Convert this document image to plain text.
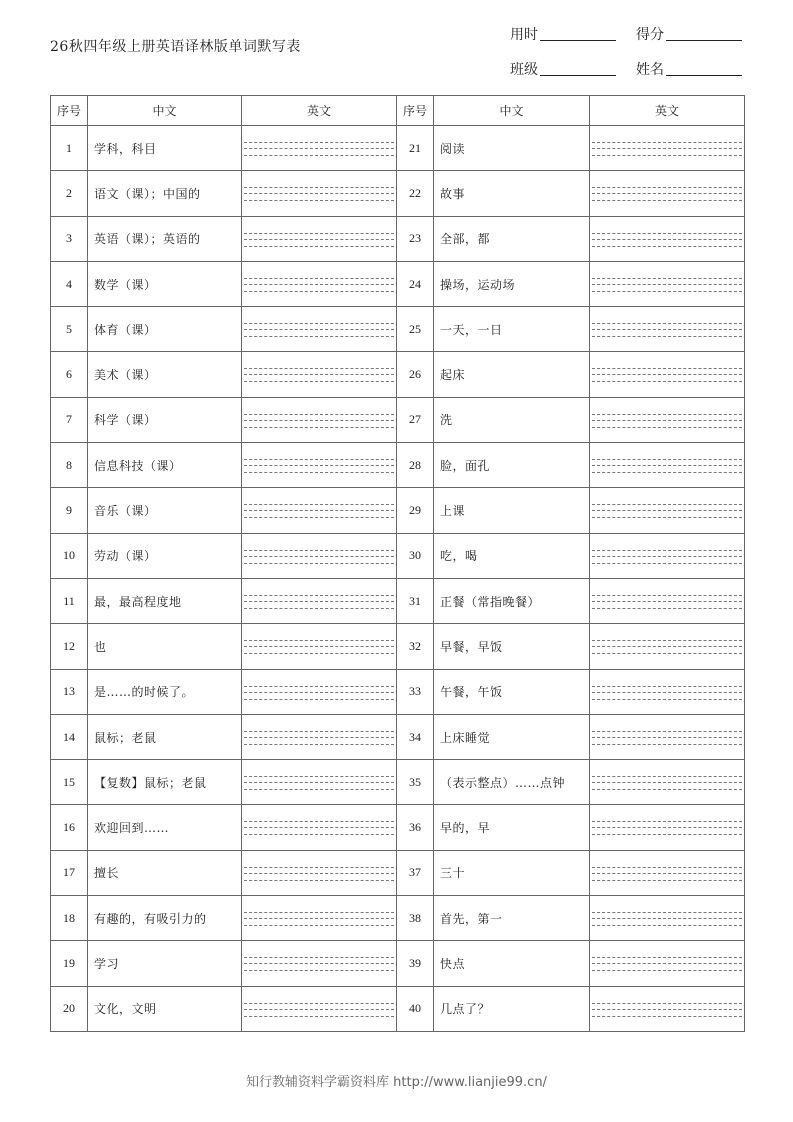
26秋四年级上册英语译林版单词默写表
用时	得分
班级	姓名
序号	中文	英文	序号	中文	英文
1	学科，科目		21	阅读	

2	语文（课）；中国的		22	故事	

3	英语（课）；英语的		23	全部，都	

4	数学（课）		24	操场，运动场	

5	体育（课）		25	一天，一日	

6	美术（课）		26	起床	

7	科学（课）		27	洗	

8	信息科技（课）		28	脸，面孔	

9	音乐（课）		29	上课	

10	劳动（课）		30	吃，喝	

11	最，最高程度地		31	正餐（常指晚餐）	

12	也		32	早餐，早饭	

13	是……的时候了。		33	午餐，午饭	

14	鼠标；老鼠		34	上床睡觉	

15	【复数】鼠标；老鼠		35	（表示整点）……点钟	

16	欢迎回到……		36	早的，早	

17	擅长		37	三十	

18	有趣的，有吸引力的		38	首先，第一	

19	学习		39	快点	

20	文化，文明		40	几点了？	
知行教辅资料学霸资料库 http://www.lianjie99.cn/
